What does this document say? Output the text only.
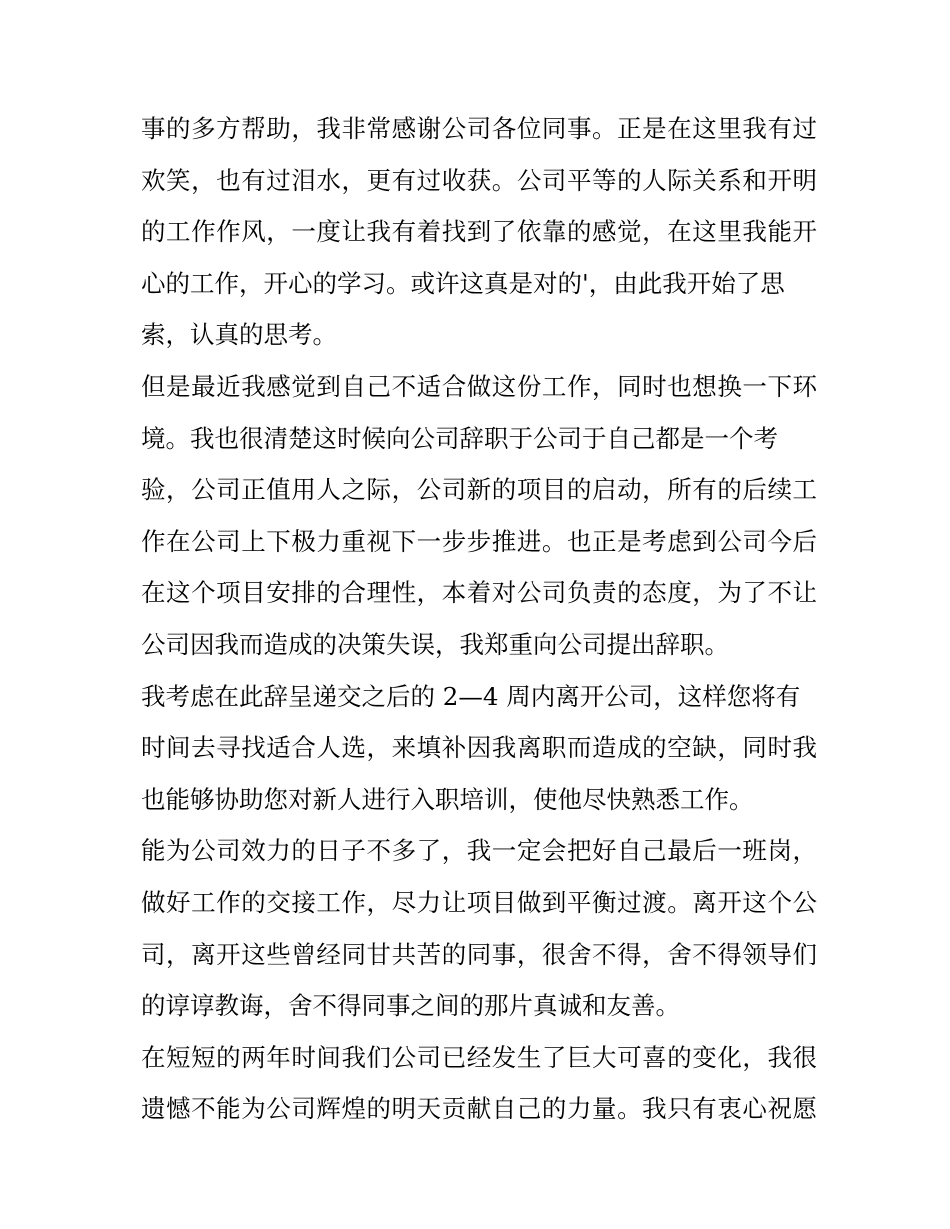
事的多方帮助，我非常感谢公司各位同事。正是在这里我有过
欢笑，也有过泪水，更有过收获。公司平等的人际关系和开明
的工作作风，一度让我有着找到了依靠的感觉，在这里我能开
心的工作，开心的学习。或许这真是对的'，由此我开始了思
索，认真的思考。
但是最近我感觉到自己不适合做这份工作，同时也想换一下环
境。我也很清楚这时候向公司辞职于公司于自己都是一个考
验，公司正值用人之际，公司新的项目的启动，所有的后续工
作在公司上下极力重视下一步步推进。也正是考虑到公司今后
在这个项目安排的合理性，本着对公司负责的态度，为了不让
公司因我而造成的决策失误，我郑重向公司提出辞职。
我考虑在此辞呈递交之后的 2—4 周内离开公司，这样您将有
时间去寻找适合人选，来填补因我离职而造成的空缺，同时我
也能够协助您对新人进行入职培训，使他尽快熟悉工作。
能为公司效力的日子不多了，我一定会把好自己最后一班岗，
做好工作的交接工作，尽力让项目做到平衡过渡。离开这个公
司，离开这些曾经同甘共苦的同事，很舍不得，舍不得领导们
的谆谆教诲，舍不得同事之间的那片真诚和友善。
在短短的两年时间我们公司已经发生了巨大可喜的变化，我很
遗憾不能为公司辉煌的明天贡献自己的力量。我只有衷心祝愿
